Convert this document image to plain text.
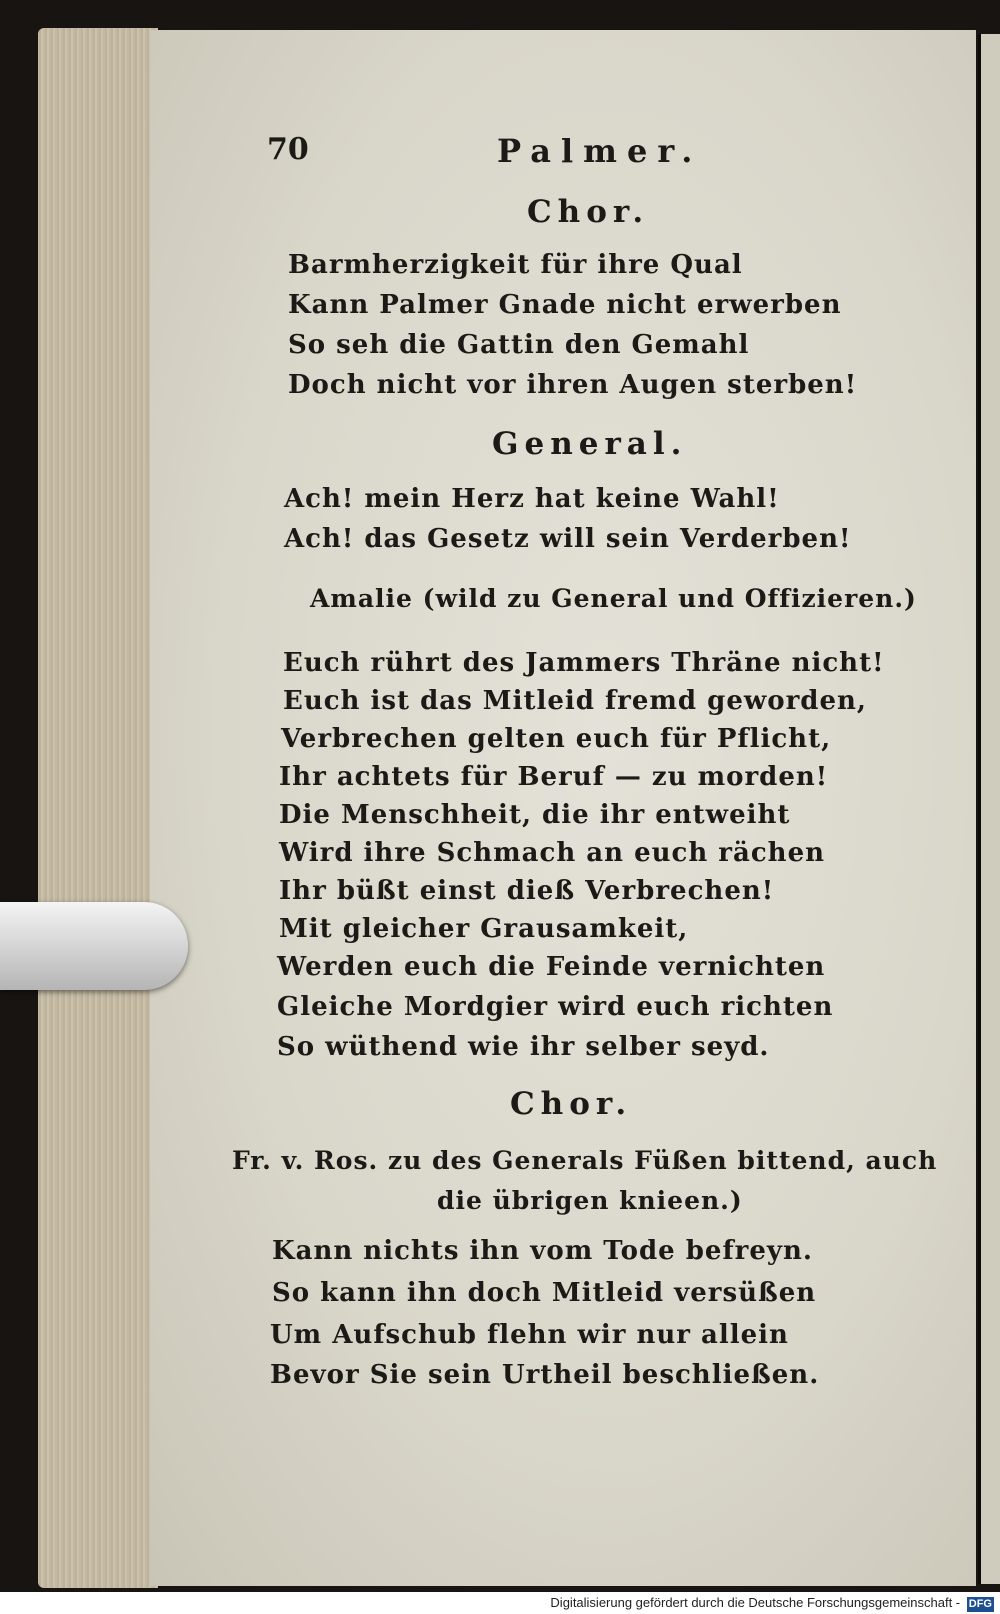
70	Palmer.
Chor.
Barmherzigkeit für ihre Qual
Kann Palmer Gnade nicht erwerben
So seh die Gattin den Gemahl
Doch nicht vor ihren Augen sterben!
General.
Ach! mein Herz hat keine Wahl!
Ach! das Gesetz will sein Verderben!
Amalie (wild zu General und Offizieren.)
Euch rührt des Jammers Thräne nicht!
Euch ist das Mitleid fremd geworden,
Verbrechen gelten euch für Pflicht,
Ihr achtets für Beruf — zu morden!
Die Menschheit, die ihr entweiht
Wird ihre Schmach an euch rächen
Ihr büßt einst dieß Verbrechen!
Mit gleicher Grausamkeit,
Werden euch die Feinde vernichten
Gleiche Mordgier wird euch richten
So wüthend wie ihr selber seyd.
Chor.
Fr. v. Ros. zu des Generals Füßen bittend, auch
die übrigen knieen.)
Kann nichts ihn vom Tode befreyn.
So kann ihn doch Mitleid versüßen
Um Aufschub flehn wir nur allein
Bevor Sie sein Urtheil beschließen.
Digitalisierung gefördert durch die Deutsche Forschungsgemeinschaft - DFG
